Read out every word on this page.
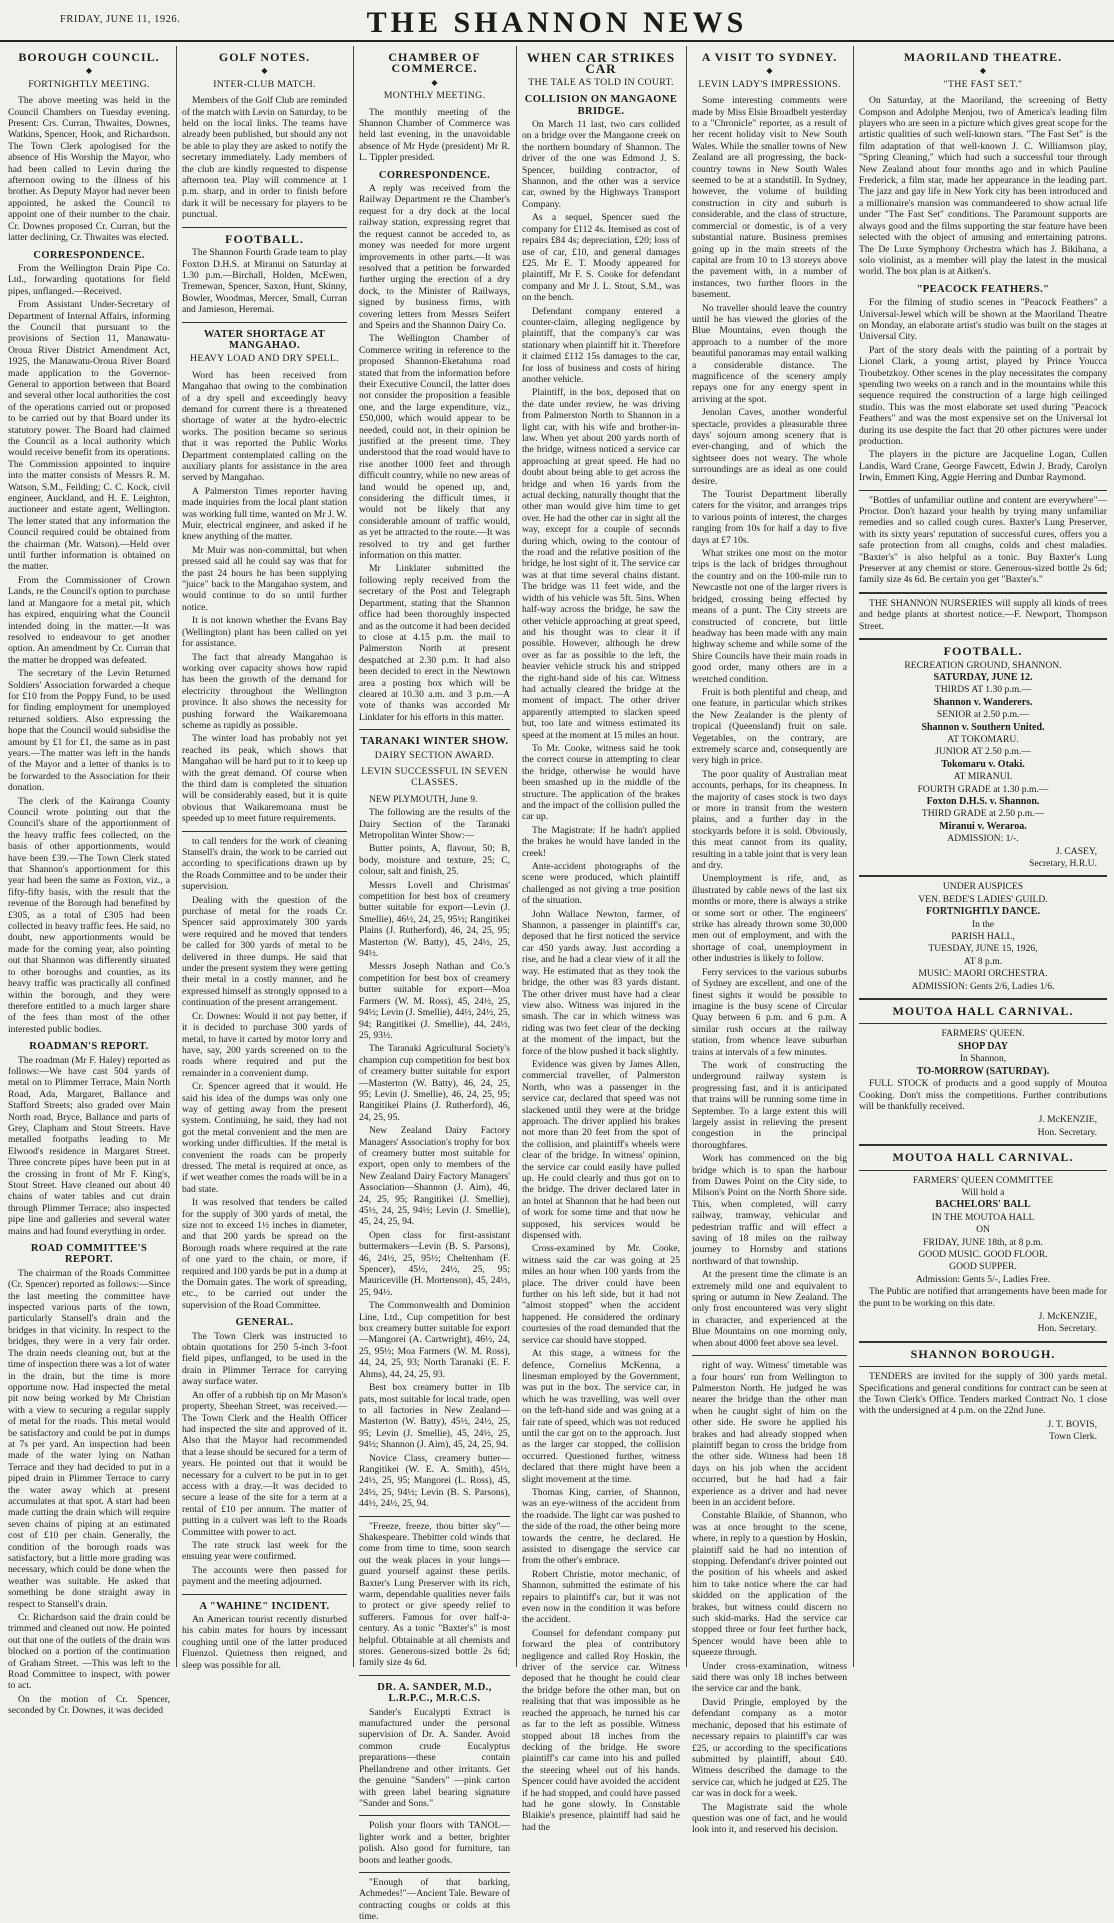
FRIDAY, JUNE 11, 1926.	THE SHANNON NEWS
BOROUGH COUNCIL.
◆
FORTNIGHTLY MEETING.

The above meeting was held in the Council Chambers on Tuesday evening. Present: Crs. Curran, Thwaites, Downes, Watkins, Spencer, Hook, and Richardson. The Town Clerk apologised for the absence of His Worship the Mayor, who had been called to Levin during the afternoon owing to the illness of his brother. As Deputy Mayor had never been appointed, he asked the Council to appoint one of their number to the chair. Cr. Downes proposed Cr. Curran, but the latter declining, Cr. Thwaites was elected.

CORRESPONDENCE.

From the Wellington Drain Pipe Co. Ltd., forwarding quotations for field pipes, unflanged.—Received.

From Assistant Under-Secretary of Department of Internal Affairs, informing the Council that pursuant to the provisions of Section 11, Manawatu-Oroua River District Amendment Act, 1925, the Manawatu-Oroua River Board made application to the Governor-General to apportion between that Board and several other local authorities the cost of the operations carried out or proposed to be carried out by that Board under its statutory power. The Board had claimed the Council as a local authority which would receive benefit from its operations. The Commission appointed to inquire into the matter consists of Messrs R. M. Watson, S.M., Feilding; C. C. Kock, civil engineer, Auckland, and H. E. Leighton, auctioneer and estate agent, Wellington. The letter stated that any information the Council required could be obtained from the chairman (Mr. Watson).—Held over until further information is obtained on the matter.

From the Commissioner of Crown Lands, re the Council's option to purchase land at Mangaore for a metal pit, which has expired, enquiring what the Council intended doing in the matter.—It was resolved to endeavour to get another option. An amendment by Cr. Curran that the matter be dropped was defeated.

The secretary of the Levin Returned Soldiers' Association forwarded a cheque for £10 from the Poppy Fund, to be used for finding employment for unemployed returned soldiers. Also expressing the hope that the Council would subsidise the amount by £1 for £1, the same as in past years.—The matter was left in the hands of the Mayor and a letter of thanks is to be forwarded to the Association for their donation.

The clerk of the Kairanga County Council wrote pointing out that the Council's share of the apportionment of the heavy traffic fees collected, on the basis of other apportionments, would have been £39.—The Town Clerk stated that Shannon's apportionment for this year had been the same as Foxton, viz., a fifty-fifty basis, with the result that the revenue of the Borough had benefited by £305, as a total of £305 had been collected in heavy traffic fees. He said, no doubt, new apportionments would be made for the coming year, also pointing out that Shannon was differently situated to other boroughs and counties, as its heavy traffic was practically all confined within the borough, and they were therefore entitled to a much larger share of the fees than most of the other interested public bodies.

ROADMAN'S REPORT.

The roadman (Mr F. Haley) reported as follows:—We have cast 504 yards of metal on to Plimmer Terrace, Main North Road, Ada, Margaret, Ballance and Stafford Streets; also graded over Main North road, Bryce, Ballance and parts of Grey, Clapham and Stout Streets. Have metalled footpaths leading to Mr Elwood's residence in Margaret Street. Three concrete pipes have been put in at the crossing in front of Mr F. King's, Stout Street. Have cleaned out about 40 chains of water tables and cut drain through Plimmer Terrace; also inspected pipe line and galleries and several water mains and had found everything in order.

ROAD COMMITTEE'S REPORT.

The chairman of the Roads Committee (Cr. Spencer) reported as follows:—Since the last meeting the committee have inspected various parts of the town, particularly Stansell's drain and the bridges in that vicinity. In respect to the bridges, they were in a very fair order. The drain needs cleaning out, but at the time of inspection there was a lot of water in the drain, but the time is more opportune now. Had inspected the metal pit now being worked by Mr Christian with a view to securing a regular supply of metal for the roads. This metal would be satisfactory and could be put in dumps at 7s per yard. An inspection had been made of the water lying on Nathan Terrace and they had decided to put in a piped drain in Plimmer Terrace to carry the water away which at present accumulates at that spot. A start had been made cutting the drain which will require seven chains of piping at an estimated cost of £10 per chain. Generally, the condition of the borough roads was satisfactory, but a little more grading was necessary, which could be done when the weather was suitable. He asked that something be done straight away in respect to Stansell's drain.

Cr. Richardson said the drain could be trimmed and cleaned out now. He pointed out that one of the outlets of the drain was blocked on a portion of the continuation of Graham Street. —This was left to the Road Committee to inspect, with power to act.

On the motion of Cr. Spencer, seconded by Cr. Downes, it was decided

GOLF NOTES.
◆
INTER-CLUB MATCH.

Members of the Golf Club are reminded of the match with Levin on Saturday, to be held on the local links. The teams have already been published, but should any not be able to play they are asked to notify the secretary immediately. Lady members of the club are kindly requested to dispense afternoon tea. Play will commence at 1 p.m. sharp, and in order to finish before dark it will be necessary for players to be punctual.

FOOTBALL.

The Shannon Fourth Grade team to play Foxton D.H.S. at Miranui on Saturday at 1.30 p.m.—Birchall, Holden, McEwen, Tremewan, Spencer, Saxon, Hunt, Skinny, Bowler, Woodmas, Mercer, Small, Curran and Jamieson, Heremai.

WATER SHORTAGE AT MANGAHAO.
HEAVY LOAD AND DRY SPELL.

Word has been received from Mangahao that owing to the combination of a dry spell and exceedingly heavy demand for current there is a threatened shortage of water at the hydro-electric works. The position became so serious that it was reported the Public Works Department contemplated calling on the auxiliary plants for assistance in the area served by Mangahao.

A Palmerston Times reporter having made inquiries from the local plant station was working full time, wanted on Mr J. W. Muir, electrical engineer, and asked if he knew anything of the matter.

Mr Muir was non-committal, but when pressed said all he could say was that for the past 24 hours he has been supplying "juice" back to the Mangahao system, and would continue to do so until further notice.

It is not known whether the Evans Bay (Wellington) plant has been called on yet for assistance.

The fact that already Mangahao is working over capacity shows how rapid has been the growth of the demand for electricity throughout the Wellington province. It also shows the necessity for pushing forward the Waikaremoana scheme as rapidly as possible.

The winter load has probably not yet reached its peak, which shows that Mangahao will be hard put to it to keep up with the great demand. Of course when the third dam is completed the situation will be considerably eased, but it is quite obvious that Waikaremoana must be speeded up to meet future requirements.

to call tenders for the work of cleaning Stansell's drain, the work to be carried out according to specifications drawn up by the Roads Committee and to be under their supervision.

Dealing with the question of the purchase of metal for the roads Cr. Spencer said approximately 300 yards were required and he moved that tenders be called for 300 yards of metal to be delivered in three dumps. He said that under the present system they were getting their metal in a costly manner, and he expressed himself as strongly opposed to a continuation of the present arrangement.

Cr. Downes: Would it not pay better, if it is decided to purchase 300 yards of metal, to have it carted by motor lorry and have, say, 200 yards screened on to the roads where required and put the remainder in a convenient dump.

Cr. Spencer agreed that it would. He said his idea of the dumps was only one way of getting away from the present system. Continuing, he said, they had not got the metal convenient and the men are working under difficulties. If the metal is convenient the roads can be properly dressed. The metal is required at once, as if wet weather comes the roads will be in a bad state.

It was resolved that tenders be called for the supply of 300 yards of metal, the size not to exceed 1½ inches in diameter, and that 200 yards be spread on the Borough roads where required at the rate of one yard to the chain, or more, if required and 100 yards be put in a dump at the Domain gates. The work of spreading, etc., to be carried out under the supervision of the Road Committee.

GENERAL.

The Town Clerk was instructed to obtain quotations for 250 5-inch 3-foot field pipes, unflanged, to be used in the drain in Plimmer Terrace for carrying away surface water.

An offer of a rubbish tip on Mr Mason's property, Sheehan Street, was received.—The Town Clerk and the Health Officer had inspected the site and approved of it. Also that the Mayor had recommended that a lease should be secured for a term of years. He pointed out that it would be necessary for a culvert to be put in to get access with a dray.—It was decided to secure a lease of the site for a term at a rental of £10 per annum. The matter of putting in a culvert was left to the Roads Committee with power to act.

The rate struck last week for the ensuing year were confirmed.

The accounts were then passed for payment and the meeting adjourned.

A "WAHINE" INCIDENT.

An American tourist recently disturbed his cabin mates for hours by incessant coughing until one of the latter produced Fluenzol. Quietness then reigned, and sleep was possible for all.

CHAMBER OF COMMERCE.
◆
MONTHLY MEETING.

The monthly meeting of the Shannon Chamber of Commerce was held last evening, in the unavoidable absence of Mr Hyde (president) Mr R. L. Tippler presided.

CORRESPONDENCE.

A reply was received from the Railway Department re the Chamber's request for a dry dock at the local railway station, expressing regret that the request cannot be acceded to, as money was needed for more urgent improvements in other parts.—It was resolved that a petition be forwarded further urging the erection of a dry dock, to the Minister of Railways, signed by business firms, with covering letters from Messrs Seifert and Speirs and the Shannon Dairy Co.

The Wellington Chamber of Commerce writing in reference to the proposed Shannon-Eketahuna road stated that from the information before their Executive Council, the latter does not consider the proposition a feasible one, and the large expenditure, viz., £50,000, which would appear to be needed, could not, in their opinion be justified at the present time. They understood that the road would have to rise another 1000 feet and through difficult country, while no new areas of land would be opened up, and, considering the difficult times, it would not be likely that any considerable amount of traffic would, as yet be attracted to the route.—It was resolved to try and get further information on this matter.

Mr Linklater submitted the following reply received from the secretary of the Post and Telegraph Department, stating that the Shannon office had been thoroughly inspected and as the outcome it had been decided to close at 4.15 p.m. the mail to Palmerston North at present despatched at 2.30 p.m. It had also been decided to erect in the Newtown area a posting box which will be cleared at 10.30 a.m. and 3 p.m.—A vote of thanks was accorded Mr Linklater for his efforts in this matter.

TARANAKI WINTER SHOW.
DAIRY SECTION AWARD.
LEVIN SUCCESSFUL IN SEVEN CLASSES.

NEW PLYMOUTH, June 9.

The following are the results of the Dairy Section of the Taranaki Metropolitan Winter Show:—

Butter points, A, flavour, 50; B, body, moisture and texture, 25; C, colour, salt and finish, 25.

Messrs Lovell and Christmas' competition for best box of creamery butter suitable for export—Levin (J. Smellie), 46½, 24, 25, 95½; Rangitikei Plains (J. Rutherford), 46, 24, 25, 95; Masterton (W. Batty), 45, 24½, 25, 94½.

Messrs Joseph Nathan and Co.'s competition for best box of creamery butter suitable for export—Moa Farmers (W. M. Ross), 45, 24½, 25, 94½; Levin (J. Smellie), 44½, 24½, 25, 94; Rangitikei (J. Smellie), 44, 24½, 25, 93½.

The Taranaki Agricultural Society's champion cup competition for best box of creamery butter suitable for export—Masterton (W. Batty), 46, 24, 25, 95; Levin (J. Smellie), 46, 24, 25, 95; Rangitikei Plains (J. Rutherford), 46, 24, 25, 95.

New Zealand Dairy Factory Managers' Association's trophy for box of creamery butter most suitable for export, open only to members of the New Zealand Dairy Factory Managers' Association—Shannon (J. Aim), 46, 24, 25, 95; Rangitikei (J. Smellie), 45½, 24, 25, 94½; Levin (J. Smellie), 45, 24, 25, 94.

Open class for first-assistant buttermakers—Levin (B. S. Parsons), 46, 24½, 25, 95½; Cheltenham (F. Spencer), 45½, 24½, 25, 95; Mauriceville (H. Mortenson), 45, 24½, 25, 94½.

The Commonwealth and Dominion Line, Ltd., Cup competition for best box creamery butter suitable for export—Mangorei (A. Cartwright), 46½, 24, 25, 95½; Moa Farmers (W. M. Ross), 44, 24, 25, 93; North Taranaki (E. F. Ahms), 44, 24, 25, 93.

Best box creamery butter in 1lb pats, most suitable for local trade, open to all factories in New Zealand—Masterton (W. Batty), 45½, 24½, 25, 95; Levin (J. Smellie), 45, 24½, 25, 94½; Shannon (J. Aim), 45, 24, 25, 94.

Novice Class, creamery butter—Rangitikei (W. E. A. Smith), 45½, 24½, 25, 95; Mangorei (L. Ross), 45, 24½, 25, 94½; Levin (B. S. Parsons), 44½, 24½, 25, 94.

"Freeze, freeze, thou bitter sky"—Shakespeare. Thebitter cold winds that come from time to time, soon search out the weak places in your lungs—guard yourself against these perils. Baxter's Lung Preserver with its rich, warm, dependable qualities never fails to protect or give speedy relief to sufferers. Famous for over half-a-century. As a tonic "Baxter's" is most helpful. Obtainable at all chemists and stores. Generous-sized bottle 2s 6d; family size 4s 6d.

DR. A. SANDER, M.D., L.R.P.C., M.R.C.S.

Sander's Eucalypti Extract is manufactured under the personal supervision of Dr. A. Sander. Avoid common crude Eucalyptus preparations—these contain Phellandrene and other irritants. Get the genuine "Sanders" —pink carton with green label bearing signature "Sander and Sons."

Polish your floors with TANOL—lighter work and a better, brighter polish. Also good for furniture, tan boots and leather goods.

"Enough of that barking, Achmedes!"—Ancient Tale. Beware of contracting coughs or colds at this time.

WHEN CAR STRIKES CAR
THE TALE AS TOLD IN COURT.
COLLISION ON MANGAONE BRIDGE.

On March 11 last, two cars collided on a bridge over the Mangaone creek on the northern boundary of Shannon. The driver of the one was Edmond J. S. Spencer, building contractor, of Shannon, and the other was a service car, owned by the Highways Transport Company.

As a sequel, Spencer sued the company for £112 4s. Itemised as cost of repairs £84 4s; depreciation, £20; loss of use of car, £10, and general damages £25. Mr E. T. Moody appeared for plaintiff, Mr F. S. Cooke for defendant company and Mr J. L. Stout, S.M., was on the bench.

Defendant company entered a counter-claim, alleging negligence by plaintiff, that the company's car was stationary when plaintiff hit it. Therefore it claimed £112 15s damages to the car, for loss of business and costs of hiring another vehicle.

Plaintiff, in the box, deposed that on the date under review, he was driving from Palmerston North to Shannon in a light car, with his wife and brother-in-law. When yet about 200 yards north of the bridge, witness noticed a service car approaching at great speed. He had no doubt about being able to get across the bridge and when 16 yards from the actual decking, naturally thought that the other man would give him time to get over. He had the other car in sight all the way, except for a couple of seconds during which, owing to the contour of the road and the relative position of the bridge, he lost sight of it. The service car was at that time several chains distant. The bridge was 11 feet wide, and the width of his vehicle was 5ft. 5ins. When half-way across the bridge, he saw the other vehicle approaching at great speed, and his thought was to clear it if possible. However, although he drew over as far as possible to the left, the heavier vehicle struck his and stripped the right-hand side of his car. Witness had actually cleared the bridge at the moment of impact. The other driver apparently attempted to slacken speed but, too late and witness estimated its speed at the moment at 15 miles an hour.

To Mr. Cooke, witness said he took the correct course in attempting to clear the bridge, otherwise he would have been smashed up in the middle of the structure. The application of the brakes and the impact of the collision pulled the car up.

The Magistrate: If he hadn't applied the brakes he would have landed in the creek!

Ante-accident photographs of the scene were produced, which plaintiff challenged as not giving a true position of the situation.

John Wallace Newton, farmer, of Shannon, a passenger in plaintiff's car, deposed that he first noticed the service car 450 yards away. Just according a rise, and he had a clear view of it all the way. He estimated that as they took the bridge, the other was 83 yards distant. The other driver must have had a clear view also. Witness was injured in the smash. The car in which witness was riding was two feet clear of the decking at the moment of the impact, but the force of the blow pushed it back slightly.

Evidence was given by James Allen, commercial traveller, of Palmerston North, who was a passenger in the service car, declared that speed was not slackened until they were at the bridge approach. The driver applied his brakes not more than 20 feet from the spot of the collision, and plaintiff's wheels were clear of the bridge. In witness' opinion, the service car could easily have pulled up. He could clearly and thus got on to the bridge. The driver declared later in an hotel at Shannon that he had been out of work for some time and that now he supposed, his services would be dispensed with.

Cross-examined by Mr. Cooke, witness said the car was going at 25 miles an hour when 100 yards from the place. The driver could have been further on his left side, but it had not "almost stopped" when the accident happened. He considered the ordinary courtesies of the road demanded that the service car should have stopped.

At this stage, a witness for the defence, Cornelius McKenna, a linesman employed by the Government, was put in the box. The service car, in which he was travelling, was well over on the left-hand side and was going at a fair rate of speed, which was not reduced until the car got on to the approach. Just as the larger car stopped, the collision occurred. Questioned further, witness declared that there might have been a slight movement at the time.

Thomas King, carrier, of Shannon, was an eye-witness of the accident from the roadside. The light car was pushed to the side of the road, the other being more towards the centre, he declared. He assisted to disengage the service car from the other's embrace.

Robert Christie, motor mechanic, of Shannon, submitted the estimate of his repairs to plaintiff's car, but it was not even now in the condition it was before the accident.

Counsel for defendant company put forward the plea of contributory negligence and called Roy Hoskin, the driver of the service car. Witness deposed that he thought he could clear the bridge before the other man, but on realising that that was impossible as he reached the approach, he turned his car as far to the left as possible. Witness stopped about 18 inches from the decking of the bridge. He swore plaintiff's car came into his and pulled the steering wheel out of his hands. Spencer could have avoided the accident if he had stopped, and could have passed had he gone slowly. In Constable Blaikie's presence, plaintiff had said he had the

A VISIT TO SYDNEY.
◆
LEVIN LADY'S IMPRESSIONS.

Some interesting comments were made by Miss Elsie Broadbelt yesterday to a "Chronicle" reporter, as a result of her recent holiday visit to New South Wales. While the smaller towns of New Zealand are all progressing, the back-country towns in New South Wales seemed to be at a standstill. In Sydney, however, the volume of building construction in city and suburb is considerable, and the class of structure, commercial or domestic, is of a very substantial nature. Business premises going up in the main streets of the capital are from 10 to 13 storeys above the pavement with, in a number of instances, two further floors in the basement.

No traveller should leave the country until he has viewed the glories of the Blue Mountains, even though the approach to a number of the more beautiful panoramas may entail walking a considerable distance. The magnificence of the scenery amply repays one for any energy spent in arriving at the spot.

Jenolan Caves, another wonderful spectacle, provides a pleasurable three days' sojourn among scenery that is ever-changing, and of which the sightseer does not weary. The whole surroundings are as ideal as one could desire.

The Tourist Department liberally caters for the visitor, and arranges trips to various points of interest, the charges ranging from 10s for half a day to five days at £7 10s.

What strikes one most on the motor trips is the lack of bridges throughout the country and on the 100-mile run to Newcastle not one of the larger rivers is bridged, crossing being effected by means of a punt. The City streets are constructed of concrete, but little headway has been made with any main highway scheme and while some of the Shire Councils have their main roads in good order, many others are in a wretched condition.

Fruit is both plentiful and cheap, and one feature, in particular which strikes the New Zealander is the plenty of tropical (Queensland) fruit on sale. Vegetables, on the contrary, are extremely scarce and, consequently are very high in price.

The poor quality of Australian meat accounts, perhaps, for its cheapness. In the majority of cases stock is two days or more in transit from the western plains, and a further day in the stockyards before it is sold. Obviously, this meat cannot from its quality, resulting in a table joint that is very lean and dry.

Unemployment is rife, and, as illustrated by cable news of the last six months or more, there is always a strike or some sort or other. The engineers' strike has already thrown some 30,000 men out of employment, and with the shortage of coal, unemployment in other industries is likely to follow.

Ferry services to the various suburbs of Sydney are excellent, and one of the finest sights it would be possible to imagine is the busy scene of Circular Quay between 6 p.m. and 6 p.m. A similar rush occurs at the railway station, from whence leave suburban trains at intervals of a few minutes.

The work of constructing the underground railway system is progressing fast, and it is anticipated that trains will be running some time in September. To a large extent this will largely assist in relieving the present congestion in the principal thoroughfares.

Work has commenced on the big bridge which is to span the harbour from Dawes Point on the City side, to Milson's Point on the North Shore side. This, when completed, will carry railway, tramway, vehicular and pedestrian traffic and will effect a saving of 18 miles on the railway journey to Hornsby and stations northward of that township.

At the present time the climate is an extremely mild one and equivalent to spring or autumn in New Zealand. The only frost encountered was very slight in character, and experienced at the Blue Mountains on one morning only, when about 4000 feet above sea level.

right of way. Witness' timetable was a four hours' run from Wellington to Palmerston North. He judged he was nearer the bridge than the other man when he caught sight of him on the other side. He swore he applied his brakes and had already stopped when plaintiff began to cross the bridge from the other side. Witness had been 18 days on his job when the accident occurred, but he had had a fair experience as a driver and had never been in an accident before.

Constable Blaikie, of Shannon, who was at once brought to the scene, where, in reply to a question by Hoskin, plaintiff said he had no intention of stopping. Defendant's driver pointed out the position of his wheels and asked him to take notice where the car had skidded on the application of the brakes, but witness could discern no such skid-marks. Had the service car stopped three or four feet further back, Spencer would have been able to squeeze through.

Under cross-examination, witness said there was only 18 inches between the service car and the bank.

David Pringle, employed by the defendant company as a motor mechanic, deposed that his estimate of necessary repairs to plaintiff's car was £25, or according to the specifications submitted by plaintiff, about £40. Witness described the damage to the service car, which he judged at £25. The car was in dock for a week.

The Magistrate said the whole question was one of fact, and he would look into it, and reserved his decision.

MAORILAND THEATRE.
◆
"THE FAST SET."

On Saturday, at the Maoriland, the screening of Betty Compson and Adolphe Menjou, two of America's leading film players who are seen in a picture which gives great scope for the artistic qualities of such well-known stars. "The Fast Set" is the film adaptation of that well-known J. C. Williamson play, "Spring Cleaning," which had such a successful tour through New Zealand about four months ago and in which Pauline Frederick, a film star, made her appearance in the leading part. The jazz and gay life in New York city has been introduced and a millionaire's mansion was commandeered to show actual life under "The Fast Set" conditions. The Paramount supports are always good and the films supporting the star feature have been selected with the object of amusing and entertaining patrons. The De Luxe Symphony Orchestra which has J. Bikihana, a solo violinist, as a member will play the latest in the musical world. The box plan is at Aitken's.

"PEACOCK FEATHERS."

For the filming of studio scenes in "Peacock Feathers" a Universal-Jewel which will be shown at the Maoriland Theatre on Monday, an elaborate artist's studio was built on the stages at Universal City.

Part of the story deals with the painting of a portrait by Lionel Clark, a young artist, played by Prince Youcca Troubetzkoy. Other scenes in the play necessitates the company spending two weeks on a ranch and in the mountains while this sequence required the construction of a large high ceilinged studio. This was the most elaborate set used during "Peacock Feathers" and was the most expensive set on the Universal lot during its use despite the fact that 20 other pictures were under production.

The players in the picture are Jacqueline Logan, Cullen Landis, Ward Crane, George Fawcett, Edwin J. Brady, Carolyn Irwin, Emmett King, Aggie Herring and Dunbar Raymond.

"Bottles of unfamiliar outline and content are everywhere"—Proctor. Don't hazard your health by trying many unfamiliar remedies and so called cough cures. Baxter's Lung Preserver, with its sixty years' reputation of successful cures, offers you a safe protection from all coughs, colds and chest maladies. "Baxter's" is also helpful as a tonic. Buy Baxter's Lung Preserver at any chemist or store. Generous-sized bottle 2s 6d; family size 4s 6d. Be certain you get "Baxter's."

THE SHANNON NURSERIES will supply all kinds of trees and hedge plants at shortest notice.—F. Newport, Thompson Street.

FOOTBALL.
RECREATION GROUND, SHANNON.
SATURDAY, JUNE 12.
THIRDS AT 1.30 p.m.—
Shannon v. Wanderers.
SENIOR at 2.50 p.m.—
Shannon v. Southern United.
AT TOKOMARU.
JUNIOR AT 2.50 p.m.—
Tokomaru v. Otaki.
AT MIRANUI.
FOURTH GRADE at 1.30 p.m.—
Foxton D.H.S. v. Shannon.
THIRD GRADE at 2.50 p.m.—
Miranui v. Weraroa.
ADMISSION: 1/-.
J. CASEY,
Secretary, H.R.U.
UNDER AUSPICES
VEN. BEDE'S LADIES' GUILD.
FORTNIGHTLY DANCE.
In the
PARISH HALL,
TUESDAY, JUNE 15, 1926,
AT 8 p.m.
MUSIC: MAORI ORCHESTRA.
ADMISSION: Gents 2/6, Ladies 1/6.
MOUTOA HALL CARNIVAL.
FARMERS' QUEEN.
SHOP DAY
In Shannon,
TO-MORROW (SATURDAY).

FULL STOCK of products and a good supply of Moutoa Cooking. Don't miss the competitions. Further contributions will be thankfully received.

J. McKENZIE,
Hon. Secretary.
MOUTOA HALL CARNIVAL.
FARMERS' QUEEN COMMITTEE
Will hold a
BACHELORS' BALL
IN THE MOUTOA HALL
ON
FRIDAY, JUNE 18th, at 8 p.m.
GOOD MUSIC. GOOD FLOOR.
GOOD SUPPER.
Admission: Gents 5/-, Ladies Free.

The Public are notified that arrangements have been made for the punt to be working on this date.

J. McKENZIE,
Hon. Secretary.
SHANNON BOROUGH.

TENDERS are invited for the supply of 300 yards metal. Specifications and general conditions for contract can be seen at the Town Clerk's Office. Tenders marked Contract No. 1 close with the undersigned at 4 p.m. on the 22nd June.

J. T. BOVIS,
Town Clerk.
